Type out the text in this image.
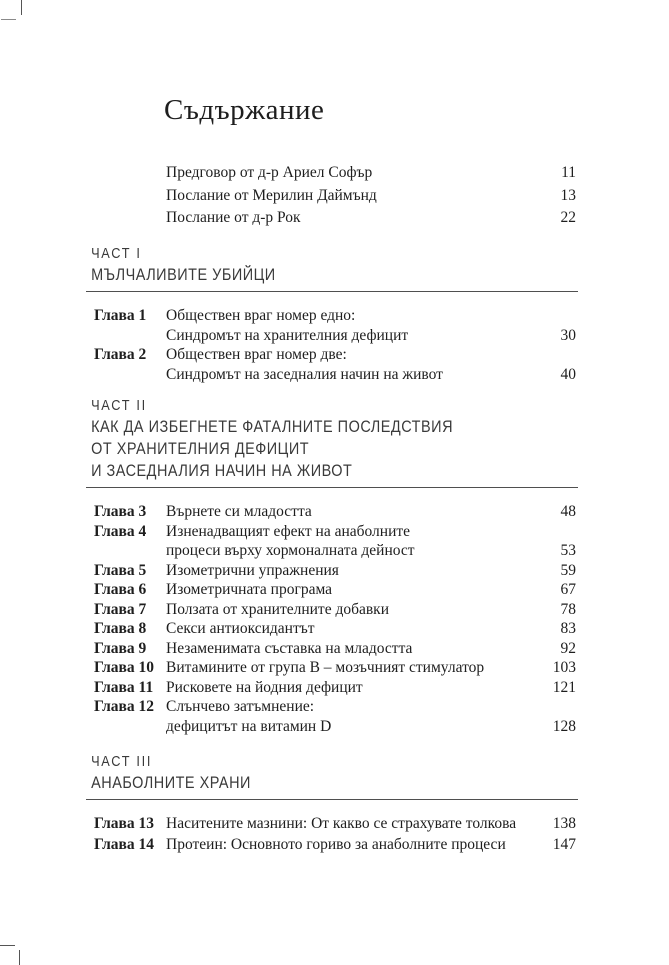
Съдържание
Предговор от д-р Ариел Софър	11
Послание от Мерилин Даймънд	13
Послание от д-р Рок	22
ЧАСТ I
МЪЛЧАЛИВИТЕ УБИЙЦИ
Глава 1	Обществен враг номер едно:
Синдромът на хранителния дефицит	30
Глава 2	Обществен враг номер две:
Синдромът на заседналия начин на живот	40
ЧАСТ II
КАК ДА ИЗБЕГНЕТЕ ФАТАЛНИТЕ ПОСЛЕДСТВИЯ
ОТ ХРАНИТЕЛНИЯ ДЕФИЦИТ
И ЗАСЕДНАЛИЯ НАЧИН НА ЖИВОТ
Глава 3	Върнете си младостта	48
Глава 4	Изненадващият ефект на анаболните
процеси върху хормоналната дейност	53
Глава 5	Изометрични упражнения	59
Глава 6	Изометричната програма	67
Глава 7	Ползата от хранителните добавки	78
Глава 8	Секси антиоксидантът	83
Глава 9	Незаменимата съставка на младостта	92
Глава 10 Витамините от група В – мозъчният стимулатор	103
Глава 11 Рисковете на йодния дефицит	121
Глава 12 Слънчево затъмнение:
дефицитът на витамин D	128
ЧАСТ III
АНАБОЛНИТЕ ХРАНИ
Глава 13 Наситените мазнини: От какво се страхувате толкова	138
Глава 14 Протеин: Основното гориво за анаболните процеси	147
